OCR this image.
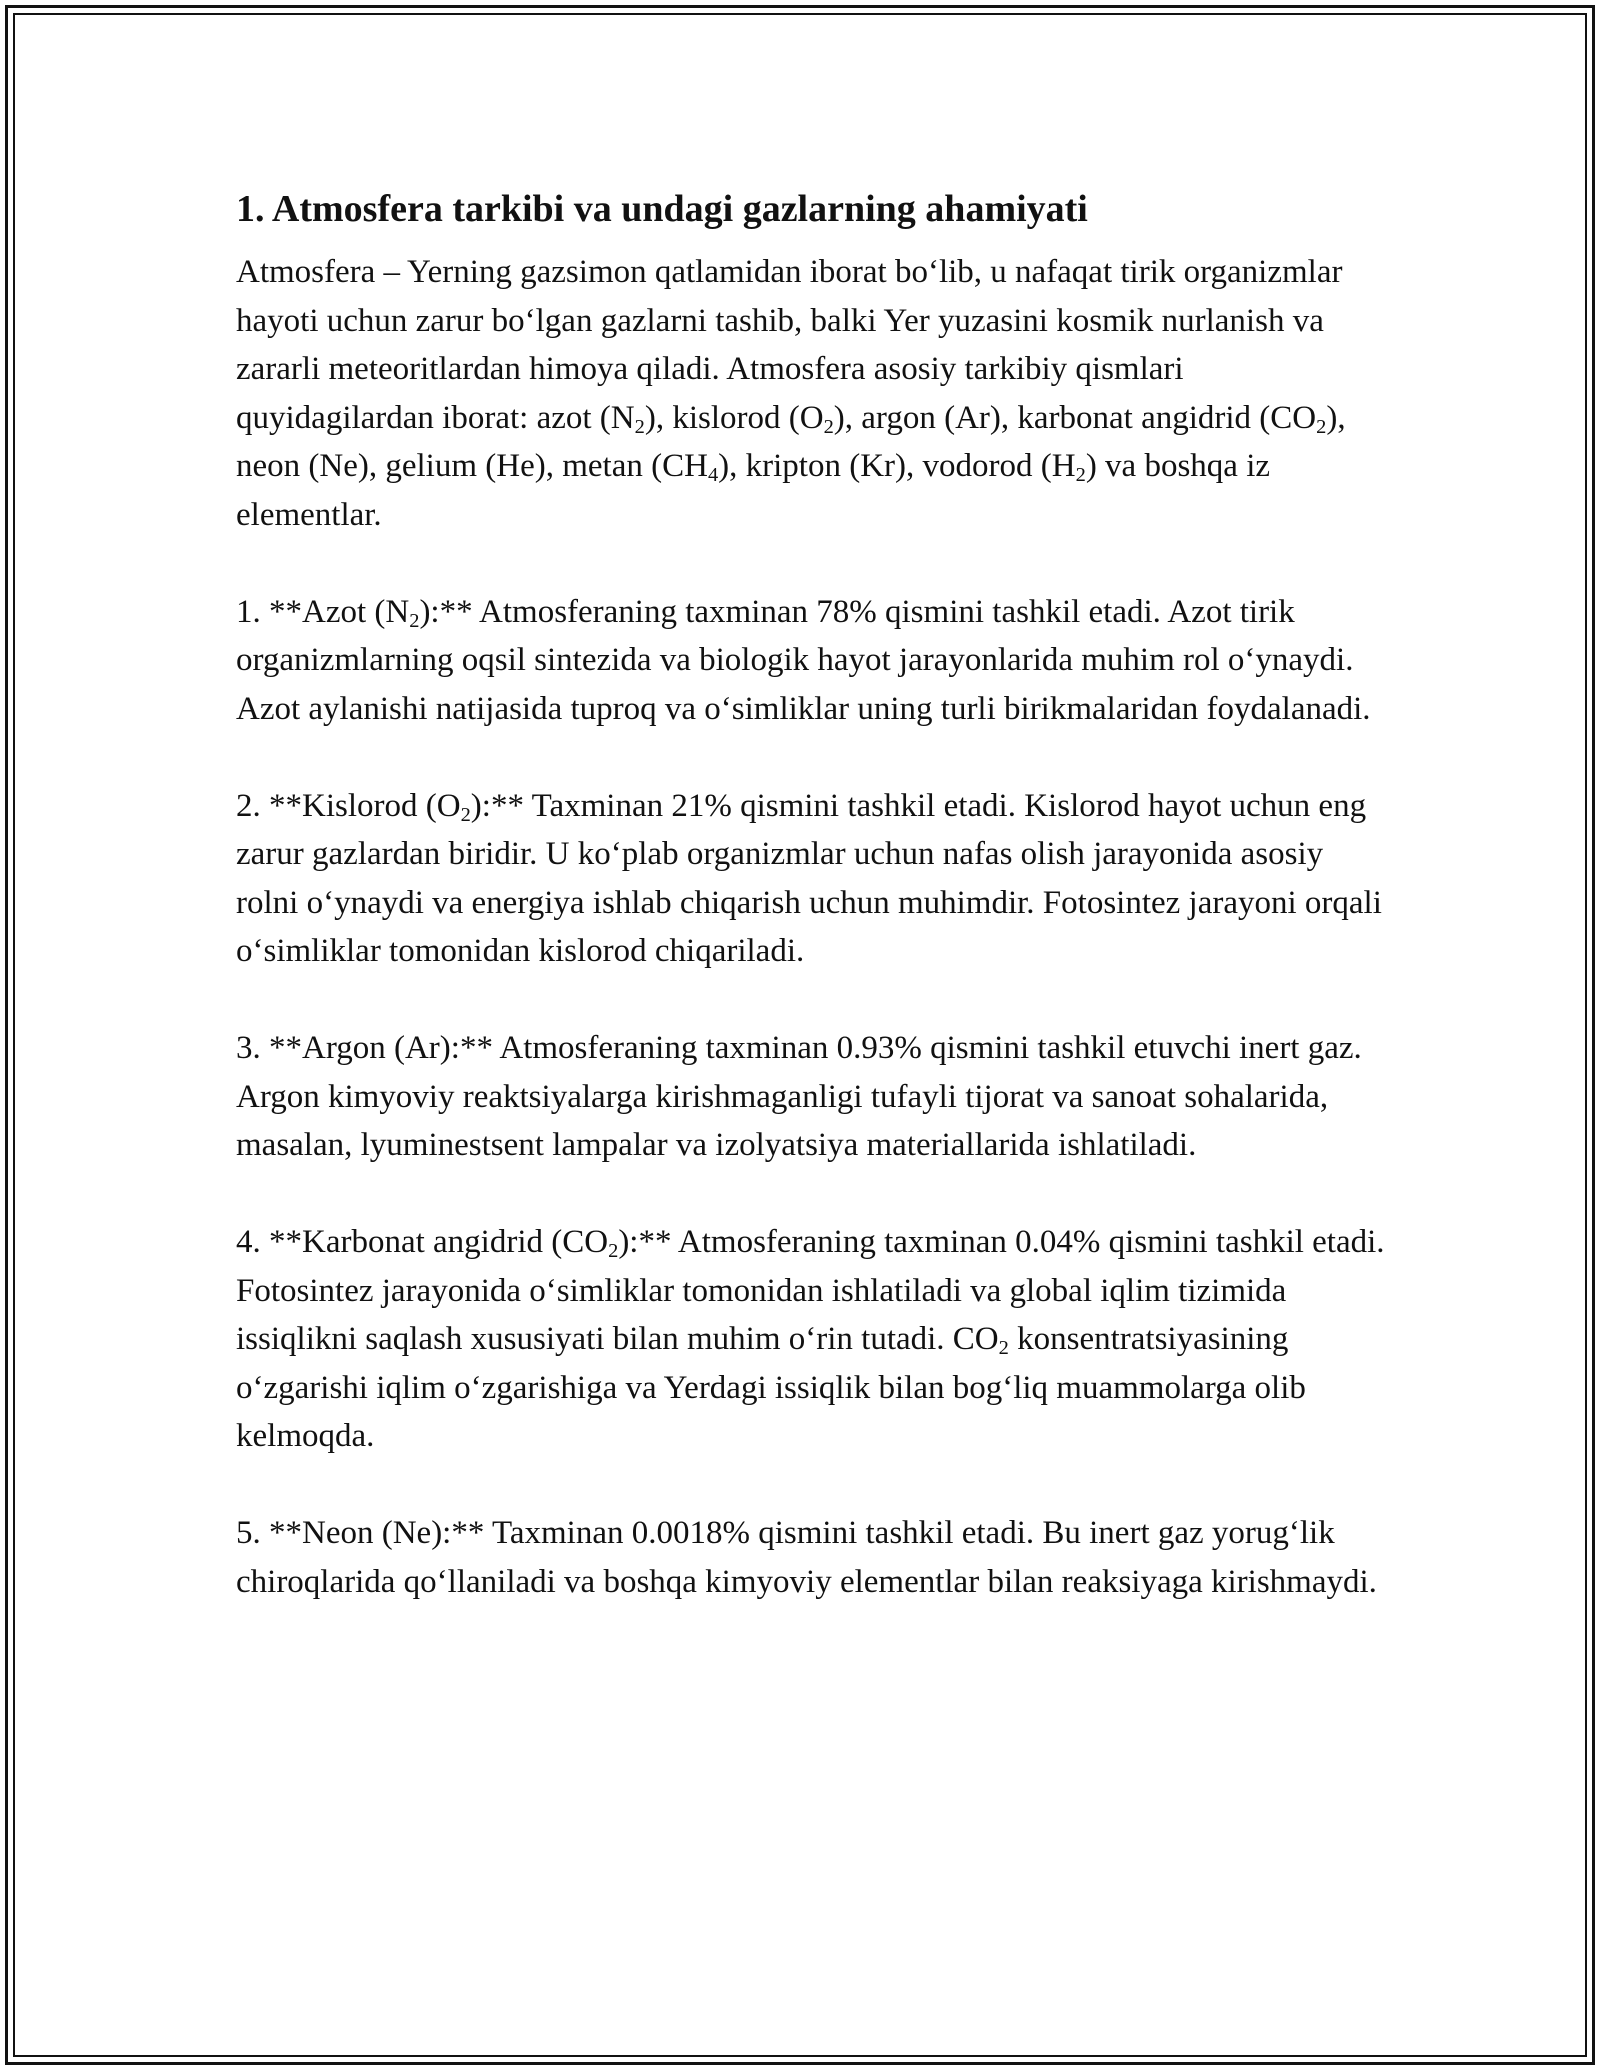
1. Atmosfera tarkibi va undagi gazlarning ahamiyati

Atmosfera – Yerning gazsimon qatlamidan iborat bo‘lib, u nafaqat tirik organizmlar hayoti uchun zarur bo‘lgan gazlarni tashib, balki Yer yuzasini kosmik nurlanish va zararli meteoritlardan himoya qiladi. Atmosfera asosiy tarkibiy qismlari quyidagilardan iborat: azot $(N_2)$, kislorod $(O_2)$, argon (Ar), karbonat angidrid $(CO_2)$, neon (Ne), gelium (He), metan $(CH_4)$, kripton (Kr), vodorod $(H_2)$ va boshqa iz elementlar.

1. **Azot $(N_2):**$ Atmosferaning taxminan 78% qismini tashkil etadi. Azot tirik organizmlarning oqsil sintezida va biologik hayot jarayonlarida muhim rol o‘ynaydi. Azot aylanishi natijasida tuproq va o‘simliklar uning turli birikmalaridan foydalanadi.

2. **Kislorod $(O_2):**$ Taxminan 21% qismini tashkil etadi. Kislorod hayot uchun eng zarur gazlardan biridir. U ko‘plab organizmlar uchun nafas olish jarayonida asosiy rolni o‘ynaydi va energiya ishlab chiqarish uchun muhimdir. Fotosintez jarayoni orqali o‘simliklar tomonidan kislorod chiqariladi.

3. **Argon (Ar):** Atmosferaning taxminan 0.93% qismini tashkil etuvchi inert gaz. Argon kimyoviy reaktsiyalarga kirishmaganligi tufayli tijorat va sanoat sohalarida, masalan, lyuminestsent lampalar va izolyatsiya materiallarida ishlatiladi.

4. **Karbonat angidrid $(CO_2):**$ Atmosferaning taxminan 0.04% qismini tashkil etadi. Fotosintez jarayonida o‘simliklar tomonidan ishlatiladi va global iqlim tizimida issiqlikni saqlash xususiyati bilan muhim o‘rin tutadi. $CO_2$ konsentratsiyasining o‘zgarishi iqlim o‘zgarishiga va Yerdagi issiqlik bilan bog‘liq muammolarga olib kelmoqda.

5. **Neon (Ne):** Taxminan 0.0018% qismini tashkil etadi. Bu inert gaz yorug‘lik chiroqlarida qo‘llaniladi va boshqa kimyoviy elementlar bilan reaksiyaga kirishmaydi.
